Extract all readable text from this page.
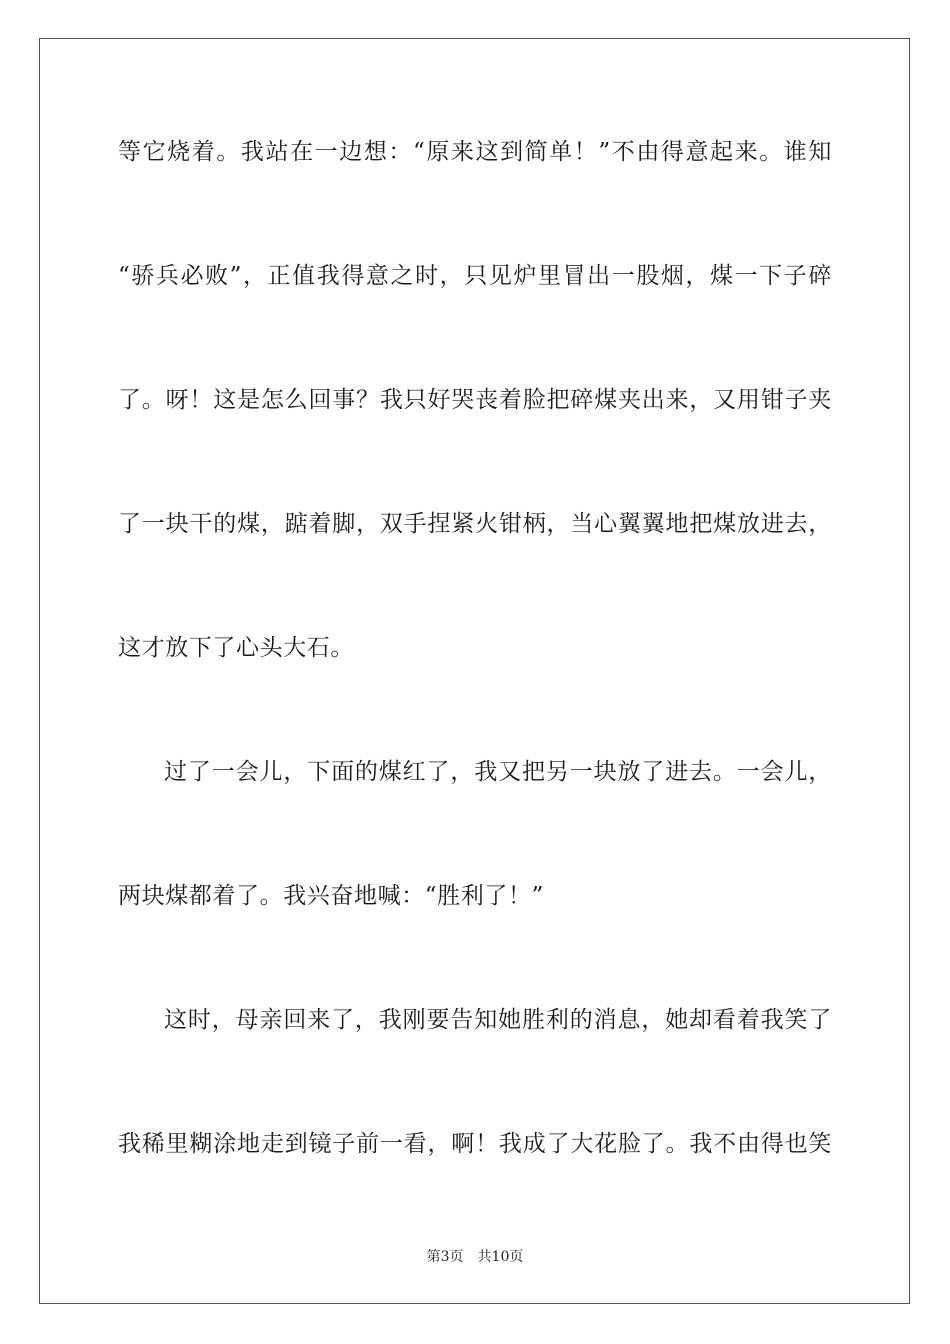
等它烧着。我站在一边想：“原来这到简单！”不由得意起来。谁知
“骄兵必败”，正值我得意之时，只见炉里冒出一股烟，煤一下子碎
了。呀！这是怎么回事？我只好哭丧着脸把碎煤夹出来，又用钳子夹
了一块干的煤，踮着脚，双手捏紧火钳柄，当心翼翼地把煤放进去，
这才放下了心头大石。
过了一会儿，下面的煤红了，我又把另一块放了进去。一会儿，
两块煤都着了。我兴奋地喊：“胜利了！”
这时，母亲回来了，我刚要告知她胜利的消息，她却看着我笑了
我稀里糊涂地走到镜子前一看，啊！我成了大花脸了。我不由得也笑
第3页　共10页
